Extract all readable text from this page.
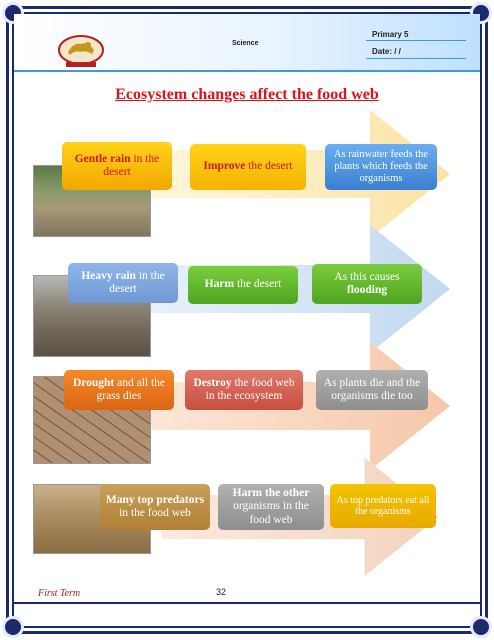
Science
Primary 5
Date: / /
Ecosystem changes affect the food web
Gentle rain in the desert	Improve the desert
As rainwater feeds the plants which feeds the organisms
Heavy rain in the desert	Harm the desert
As this causes flooding
Drought and all the grass dies
Destroy the food web in the ecosystem
As plants die and the organisms die too
Many top predators in the food web
Harm the other organisms in the food web
As top predators eat all the organisms
First Term	32
